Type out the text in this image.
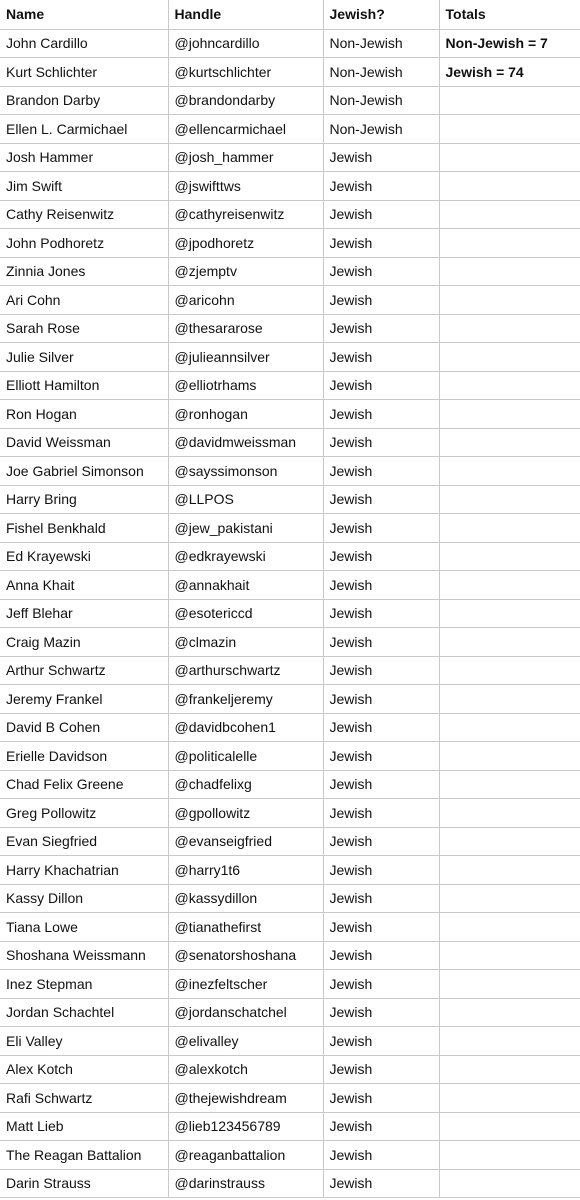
Name	Handle	Jewish?	Totals
John Cardillo	@johncardillo	Non-Jewish	Non-Jewish = 7
Kurt Schlichter	@kurtschlichter	Non-Jewish	Jewish = 74
Brandon Darby	@brandondarby	Non-Jewish	
Ellen L. Carmichael	@ellencarmichael	Non-Jewish	
Josh Hammer	@josh_hammer	Jewish	
Jim Swift	@jswifttws	Jewish	
Cathy Reisenwitz	@cathyreisenwitz	Jewish	
John Podhoretz	@jpodhoretz	Jewish	
Zinnia Jones	@zjemptv	Jewish	
Ari Cohn	@aricohn	Jewish	
Sarah Rose	@thesararose	Jewish	
Julie Silver	@julieannsilver	Jewish	
Elliott Hamilton	@elliotrhams	Jewish	
Ron Hogan	@ronhogan	Jewish	
David Weissman	@davidmweissman	Jewish	
Joe Gabriel Simonson	@sayssimonson	Jewish	
Harry Bring	@LLPOS	Jewish	
Fishel Benkhald	@jew_pakistani	Jewish	
Ed Krayewski	@edkrayewski	Jewish	
Anna Khait	@annakhait	Jewish	
Jeff Blehar	@esotericcd	Jewish	
Craig Mazin	@clmazin	Jewish	
Arthur Schwartz	@arthurschwartz	Jewish	
Jeremy Frankel	@frankeljeremy	Jewish	
David B Cohen	@davidbcohen1	Jewish	
Erielle Davidson	@politicalelle	Jewish	
Chad Felix Greene	@chadfelixg	Jewish	
Greg Pollowitz	@gpollowitz	Jewish	
Evan Siegfried	@evanseigfried	Jewish	
Harry Khachatrian	@harry1t6	Jewish	
Kassy Dillon	@kassydillon	Jewish	
Tiana Lowe	@tianathefirst	Jewish	
Shoshana Weissmann	@senatorshoshana	Jewish	
Inez Stepman	@inezfeltscher	Jewish	
Jordan Schachtel	@jordanschatchel	Jewish	
Eli Valley	@elivalley	Jewish	
Alex Kotch	@alexkotch	Jewish	
Rafi Schwartz	@thejewishdream	Jewish	
Matt Lieb	@lieb123456789	Jewish	
The Reagan Battalion	@reaganbattalion	Jewish	
Darin Strauss	@darinstrauss	Jewish	
